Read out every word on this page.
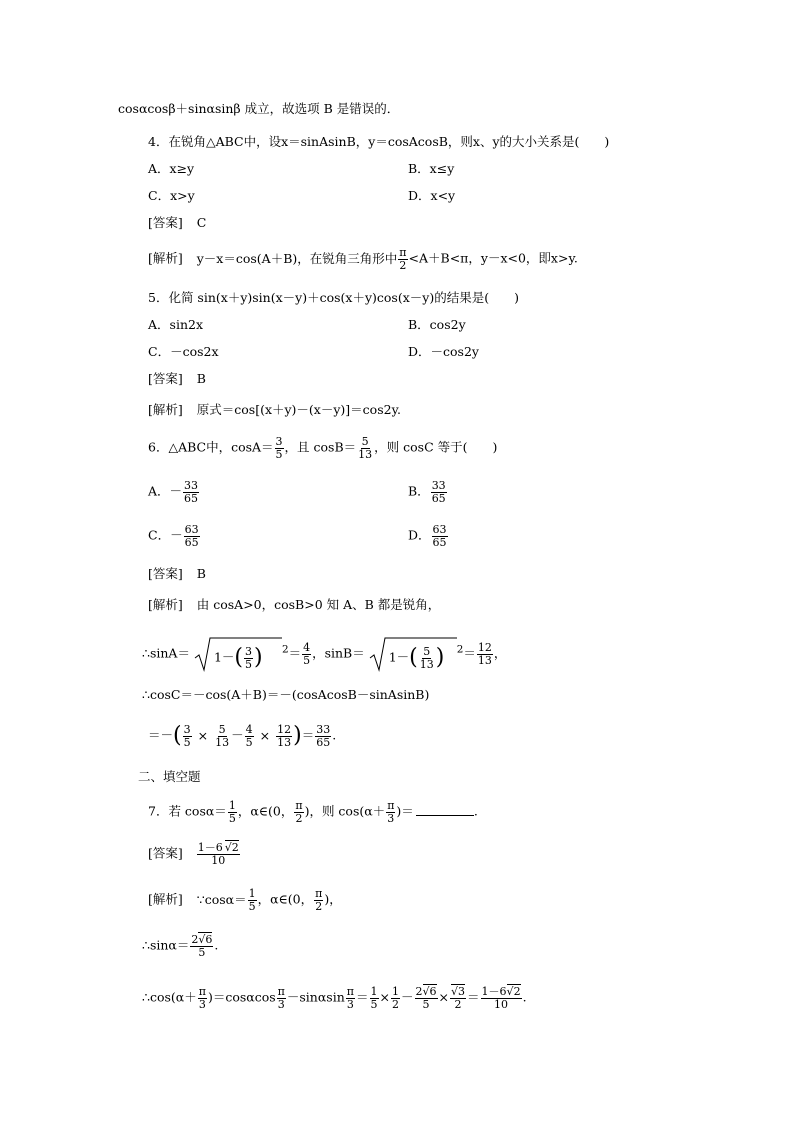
cosαcosβ＋sinαsinβ 成立，故选项 B 是错误的．
4．在锐角△ABC中，设x＝sinAsinB，y＝cosAcosB，则x、y的大小关系是(　　)
A．x≥y	B．x≤y
C．x>y	D．x<y
[答案] C
[解析] y－x＝cos(A＋B)，在锐角三角形中 $\frac{\pi}{2} <A+B<\pi$，y－x<0，即x>y.
5．化简 sin(x＋y)sin(x－y)＋cos(x＋y)cos(x－y)的结果是(　　)
A．sin2x	B．cos2y
C．－cos2x	D．－cos2y
[答案] B
[解析] 原式＝cos[(x＋y)－(x－y)]＝cos2y.
6．△ABC中，$\cos A= \frac{3}{5}$ ，且 $\cos B= \frac{5}{13}$ ，则 cosC 等于(　　)
A．－ $\frac{33}{65}$	B． $\frac{33}{65}$
C．－ $\frac{63}{65}$	D． $\frac{63}{65}$
[答案] B
[解析] 由 cosA>0，cosB>0 知 A、B 都是锐角，
∴sinA＝ $1-( \frac{3}{5}$ ) $^2= \frac{4}{5}$ ，$\sin B= 1-( \frac{5}{13}$ ) $^2= \frac{12}{13}$ ，
∴cosC＝－cos(A＋B)＝－(cosAcosB－sinAsinB)
＝－( $\frac{3}{5} \times \frac{5}{13} - \frac{4}{5} \times \frac{12}{13}$ )＝ $\frac{33}{65}$ .
二、填空题
7．若 $\cos\alpha= \frac{1}{5}$ ，α∈(0， $\frac{\pi}{2}$ )，则 $\cos(\alpha+ \frac{\pi}{3}$ )＝	.
[答案] $\frac{1-6 √2}{10}$
[解析] ∵cosα＝ $\frac{1}{5}$ ，α∈(0， $\frac{\pi}{2}$ )，
∴sinα＝ $\frac{2√6}{5}$ .
∴cos(α＋ $\frac{\pi}{3} )=\cos\alpha\cos \frac{\pi}{3} -\sin\alpha\sin \frac{\pi}{3} = \frac{1}{5} \times \frac{1}{2} - \frac{2√6}{5} \times \frac{√3}{2} = \frac{1-6√2}{10}$ .
